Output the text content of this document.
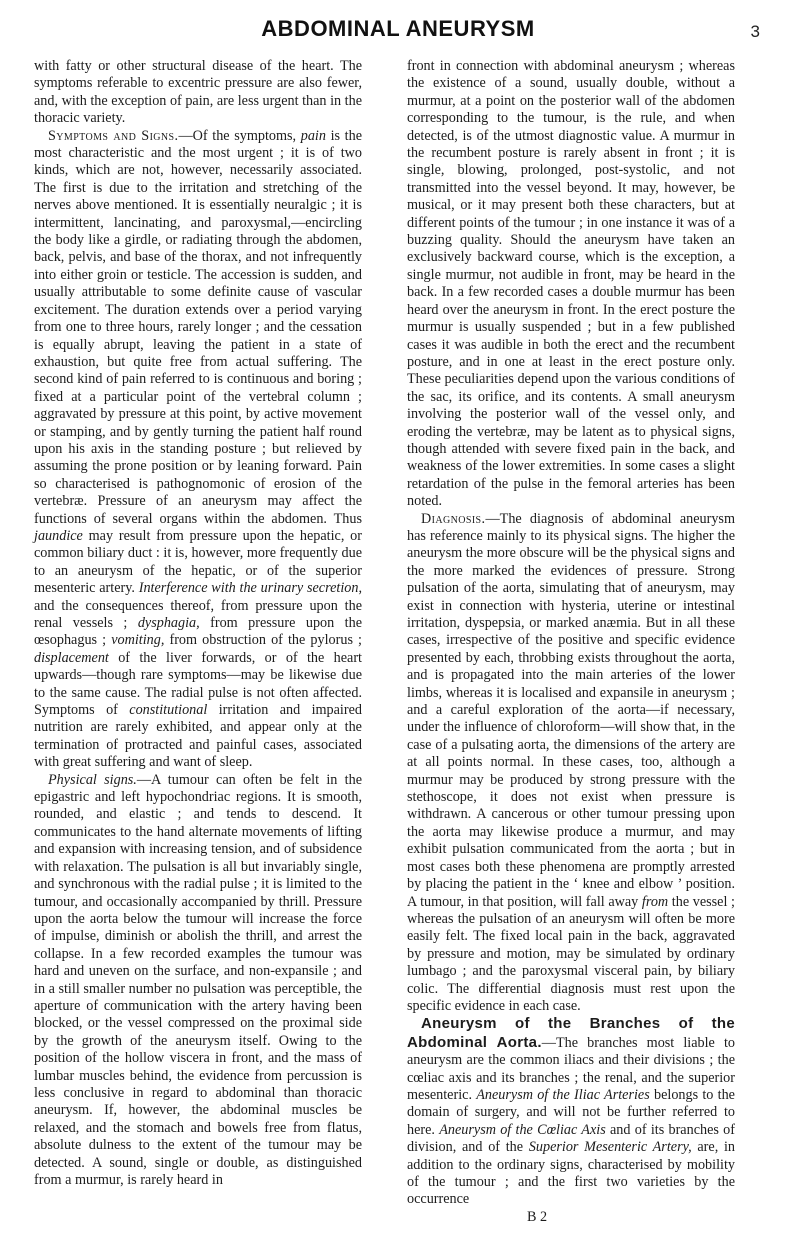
ABDOMINAL ANEURYSM	3

with fatty or other structural disease of the heart. The symptoms referable to excentric pressure are also fewer, and, with the exception of pain, are less urgent than in the thoracic variety.

Symptoms and Signs.—Of the symptoms, pain is the most characteristic and the most urgent ; it is of two kinds, which are not, however, necessarily associated. The first is due to the irritation and stretching of the nerves above mentioned. It is essentially neuralgic ; it is intermittent, lancinating, and paroxysmal,—encircling the body like a girdle, or radiating through the abdomen, back, pelvis, and base of the thorax, and not infrequently into either groin or testicle. The accession is sudden, and usually attributable to some definite cause of vascular excitement. The duration extends over a period varying from one to three hours, rarely longer ; and the cessation is equally abrupt, leaving the patient in a state of exhaustion, but quite free from actual suffering. The second kind of pain referred to is continuous and boring ; fixed at a particular point of the vertebral column ; aggravated by pressure at this point, by active movement or stamping, and by gently turning the patient half round upon his axis in the standing posture ; but relieved by assuming the prone position or by leaning forward. Pain so characterised is pathognomonic of erosion of the vertebræ. Pressure of an aneurysm may affect the functions of several organs within the abdomen. Thus jaundice may result from pressure upon the hepatic, or common biliary duct : it is, however, more frequently due to an aneurysm of the hepatic, or of the superior mesenteric artery. Interference with the urinary secretion, and the consequences thereof, from pressure upon the renal vessels ; dysphagia, from pressure upon the œsophagus ; vomiting, from obstruction of the pylorus ; displacement of the liver forwards, or of the heart upwards—though rare symptoms—may be likewise due to the same cause. The radial pulse is not often affected. Symptoms of constitutional irritation and impaired nutrition are rarely exhibited, and appear only at the termination of protracted and painful cases, associated with great suffering and want of sleep.

Physical signs.—A tumour can often be felt in the epigastric and left hypochondriac regions. It is smooth, rounded, and elastic ; and tends to descend. It communicates to the hand alternate movements of lifting and expansion with increasing tension, and of subsidence with relaxation. The pulsation is all but invariably single, and synchronous with the radial pulse ; it is limited to the tumour, and occasionally accompanied by thrill. Pressure upon the aorta below the tumour will increase the force of impulse, diminish or abolish the thrill, and arrest the collapse. In a few recorded examples the tumour was hard and uneven on the surface, and non-expansile ; and in a still smaller number no pulsation was perceptible, the aperture of communication with the artery having been blocked, or the vessel compressed on the proximal side by the growth of the aneurysm itself. Owing to the position of the hollow viscera in front, and the mass of lumbar muscles behind, the evidence from percussion is less conclusive in regard to abdominal than thoracic aneurysm. If, however, the abdominal muscles be relaxed, and the stomach and bowels free from flatus, absolute dulness to the extent of the tumour may be detected. A sound, single or double, as distinguished from a murmur, is rarely heard in

front in connection with abdominal aneurysm ; whereas the existence of a sound, usually double, without a murmur, at a point on the posterior wall of the abdomen corresponding to the tumour, is the rule, and when detected, is of the utmost diagnostic value. A murmur in the recumbent posture is rarely absent in front ; it is single, blowing, prolonged, post-systolic, and not transmitted into the vessel beyond. It may, however, be musical, or it may present both these characters, but at different points of the tumour ; in one instance it was of a buzzing quality. Should the aneurysm have taken an exclusively backward course, which is the exception, a single murmur, not audible in front, may be heard in the back. In a few recorded cases a double murmur has been heard over the aneurysm in front. In the erect posture the murmur is usually suspended ; but in a few published cases it was audible in both the erect and the recumbent posture, and in one at least in the erect posture only. These peculiarities depend upon the various conditions of the sac, its orifice, and its contents. A small aneurysm involving the posterior wall of the vessel only, and eroding the vertebræ, may be latent as to physical signs, though attended with severe fixed pain in the back, and weakness of the lower extremities. In some cases a slight retardation of the pulse in the femoral arteries has been noted.

Diagnosis.—The diagnosis of abdominal aneurysm has reference mainly to its physical signs. The higher the aneurysm the more obscure will be the physical signs and the more marked the evidences of pressure. Strong pulsation of the aorta, simulating that of aneurysm, may exist in connection with hysteria, uterine or intestinal irritation, dyspepsia, or marked anæmia. But in all these cases, irrespective of the positive and specific evidence presented by each, throbbing exists throughout the aorta, and is propagated into the main arteries of the lower limbs, whereas it is localised and expansile in aneurysm ; and a careful exploration of the aorta—if necessary, under the influence of chloroform—will show that, in the case of a pulsating aorta, the dimensions of the artery are at all points normal. In these cases, too, although a murmur may be produced by strong pressure with the stethoscope, it does not exist when pressure is withdrawn. A cancerous or other tumour pressing upon the aorta may likewise produce a murmur, and may exhibit pulsation communicated from the aorta ; but in most cases both these phenomena are promptly arrested by placing the patient in the ‘ knee and elbow ’ position. A tumour, in that position, will fall away from the vessel ; whereas the pulsation of an aneurysm will often be more easily felt. The fixed local pain in the back, aggravated by pressure and motion, may be simulated by ordinary lumbago ; and the paroxysmal visceral pain, by biliary colic. The differential diagnosis must rest upon the specific evidence in each case.

Aneurysm of the Branches of the Abdominal Aorta.—The branches most liable to aneurysm are the common iliacs and their divisions ; the cœliac axis and its branches ; the renal, and the superior mesenteric. Aneurysm of the Iliac Arteries belongs to the domain of surgery, and will not be further referred to here. Aneurysm of the Cœliac Axis and of its branches of division, and of the Superior Mesenteric Artery, are, in addition to the ordinary signs, characterised by mobility of the tumour ; and the first two varieties by the occurrence

B 2
